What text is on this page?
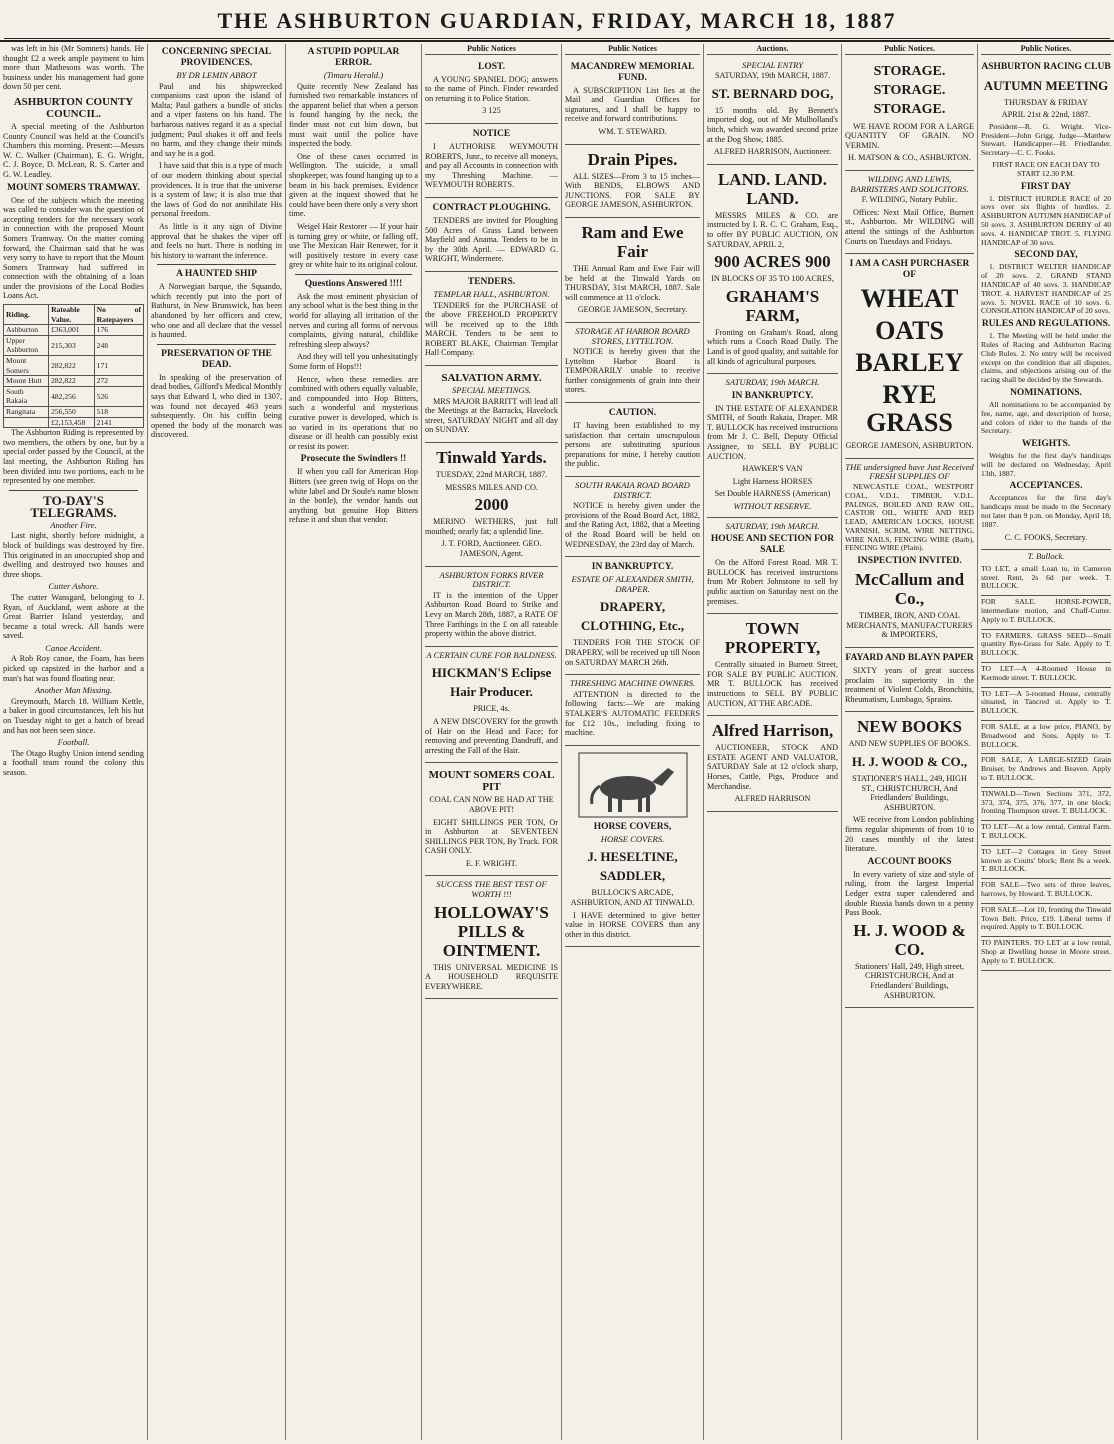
THE ASHBURTON GUARDIAN, FRIDAY, MARCH 18, 1887

was left in his (Mr Somners) hands. He thought £2 a week ample payment to him more than Mathesons was worth. The business under his management had gone down 50 per cent.

ASHBURTON COUNTY COUNCIL.

A special meeting of the Ashburton County Council was held at the Council's Chambers this morning. Present:—Messrs W. C. Walker (Chairman), E. G. Wright, C. J. Boyce, D. McLean, R. S. Carter and G. W. Leadley.

MOUNT SOMERS TRAMWAY.

One of the subjects which the meeting was called to consider was the question of accepting tenders for the necessary work in connection with the proposed Mount Somers Tramway. On the matter coming forward, the Chairman said that he was very sorry to have to report that the Mount Somers Tramway had suffered in connection with the obtaining of a loan under the provisions of the Local Bodies Loans Act.

Riding.	Rateable Value.	No of Ratepayers
Ashburton	£363,001	176
Upper Ashburton	215,303	248
Mount Somers	282,822	171
Mount Hutt	282,822	272
South Rakaia	482,256	526
Rangitata	256,550	518
	£2,153,458	2141

The Ashburton Riding is represented by two members, the others by one, but by a special order passed by the Council, at the last meeting, the Ashburton Riding has been divided into two portions, each to be represented by one member.

TO-DAY'S TELEGRAMS.
Another Fire.

Last night, shortly before midnight, a block of buildings was destroyed by fire. This originated in an unoccupied shop and dwelling and destroyed two houses and three shops.

Cutter Ashore.

The cutter Wansgard, belonging to J. Ryan, of Auckland, went ashore at the Great Barrier Island yesterday, and became a total wreck. All hands were saved.

Canoe Accident.

A Rob Roy canoe, the Foam, has been picked up capsized in the harbor and a man's hat was found floating near.

Another Man Missing.

Greymouth, March 18. William Kettle, a baker in good circumstances, left his hut on Tuesday night to get a batch of bread and has not been seen since.

Football.

The Otago Rugby Union intend sending a football team round the colony this season.

CONCERNING SPECIAL PROVIDENCES.
BY DR LEMIN ABBOT

Paul and his shipwrecked companions cast upon the island of Malta; Paul gathers a bundle of sticks and a viper fastens on his hand. The barbarous natives regard it as a special judgment; Paul shakes it off and feels no harm, and they change their minds and say he is a god.

I have said that this is a type of much of our modern thinking about special providences. It is true that the universe is a system of law; it is also true that the laws of God do not annihilate His personal freedom.

As little is it any sign of Divine approval that he shakes the viper off and feels no hurt. There is nothing in his history to warrant the inference.

A HAUNTED SHIP

A Norwegian barque, the Squando, which recently put into the port of Bathurst, in New Brunswick, has been abandoned by her officers and crew, who one and all declare that the vessel is haunted.

PRESERVATION OF THE DEAD.

In speaking of the preservation of dead bodies, Gilford's Medical Monthly says that Edward I, who died in 1307, was found not decayed 463 years subsequently. On his coffin being opened the body of the monarch was discovered.

A STUPID POPULAR ERROR.
(Timaru Herald.)

Quite recently New Zealand has furnished two remarkable instances of the apparent belief that when a person is found hanging by the neck, the finder must not cut him down, but must wait until the police have inspected the body.

One of these cases occurred in Wellington. The suicide, a small shopkeeper, was found hanging up to a beam in his back premises. Evidence given at the inquest showed that he could have been there only a very short time.

Weigel Hair Restorer — If your hair is turning grey or white, or falling off, use The Mexican Hair Renewer, for it will positively restore in every case grey or white hair to its original colour.

Questions Answered !!!!

Ask the most eminent physician of any school what is the best thing in the world for allaying all irritation of the nerves and curing all forms of nervous complaints, giving natural, childlike refreshing sleep always?

And they will tell you unhesitatingly Some form of Hops!!!

Hence, when these remedies are combined with others equally valuable, and compounded into Hop Bitters, such a wonderful and mysterious curative power is developed, which is so varied in its operations that no disease or ill health can possibly exist or resist its power.

Prosecute the Swindlers !!

If when you call for American Hop Bitters (see green twig of Hops on the white label and Dr Soule's name blown in the bottle), the vendor hands out anything but genuine Hop Bitters refuse it and shun that vendor.

Public Notices
LOST.

A YOUNG SPANIEL DOG; answers to the name of Pinch. Finder rewarded on returning it to Police Station.

3 125

NOTICE

I AUTHORISE WEYMOUTH ROBERTS, Junr., to receive all moneys, and pay all Accounts in connection with my Threshing Machine. — WEYMOUTH ROBERTS.

CONTRACT PLOUGHING.

TENDERS are invited for Ploughing 500 Acres of Grass Land between Mayfield and Anama. Tenders to be in by the 30th April. — EDWARD G. WRIGHT, Windermere.

TENDERS.
TEMPLAR HALL, ASHBURTON.

TENDERS for the PURCHASE of the above FREEHOLD PROPERTY will be received up to the 18th MARCH. Tenders to be sent to ROBERT BLAKE, Chairman Templar Hall Company.

SALVATION ARMY.
SPECIAL MEETINGS.

MRS MAJOR BARRITT will lead all the Meetings at the Barracks, Havelock street, SATURDAY NIGHT and all day on SUNDAY.

Tinwald Yards.

TUESDAY, 22nd MARCH, 1887.

MESSRS MILES AND CO.

2000

MERINO WETHERS, just full mouthed; nearly fat; a splendid line.

J. T. FORD, Auctioneer. GEO. JAMESON, Agent.

ASHBURTON FORKS RIVER DISTRICT.

IT is the intention of the Upper Ashburton Road Board to Strike and Levy on March 28th, 1887, a RATE OF Three Farthings in the £ on all rateable property within the above district.

A CERTAIN CURE FOR BALDNESS.
HICKMAN'S Eclipse Hair Producer.

PRICE, 4s.

A NEW DISCOVERY for the growth of Hair on the Head and Face; for removing and preventing Dandruff, and arresting the Fall of the Hair.

MOUNT SOMERS COAL PIT

COAL CAN NOW BE HAD AT THE ABOVE PIT!

EIGHT SHILLINGS PER TON, Or in Ashburton at SEVENTEEN SHILLINGS PER TON, By Truck. FOR CASH ONLY.

E. F. WRIGHT.

SUCCESS THE BEST TEST OF WORTH !!!
HOLLOWAY'S PILLS & OINTMENT.

THIS UNIVERSAL MEDICINE IS A HOUSEHOLD REQUISITE EVERYWHERE.

Public Notices
MACANDREW MEMORIAL FUND.

A SUBSCRIPTION List lies at the Mail and Guardian Offices for signatures, and I shall be happy to receive and forward contributions.

WM. T. STEWARD.

Drain Pipes.

ALL SIZES—From 3 to 15 inches—With BENDS, ELBOWS AND JUNCTIONS. FOR SALE BY GEORGE JAMESON, ASHBURTON.

Ram and Ewe Fair

THE Annual Ram and Ewe Fair will be held at the Tinwald Yards on THURSDAY, 31st MARCH, 1887. Sale will commence at 11 o'clock.

GEORGE JAMESON, Secretary.

STORAGE AT HARBOR BOARD STORES, LYTTELTON.

NOTICE is hereby given that the Lyttelton Harbor Board is TEMPORARILY unable to receive further consignments of grain into their stores.

CAUTION.

IT having been established to my satisfaction that certain unscrupulous persons are substituting spurious preparations for mine, I hereby caution the public.

SOUTH RAKAIA ROAD BOARD DISTRICT.

NOTICE is hereby given under the provisions of the Road Board Act, 1882, and the Rating Act, 1882, that a Meeting of the Road Board will be held on WEDNESDAY, the 23rd day of March.

IN BANKRUPTCY.
ESTATE OF ALEXANDER SMITH, DRAPER.
DRAPERY, CLOTHING, Etc.,

TENDERS FOR THE STOCK OF DRAPERY, will be received up till Noon on SATURDAY MARCH 26th.

THRESHING MACHINE OWNERS.

ATTENTION is directed to the following facts:—We are making STALKER'S AUTOMATIC FEEDERS for £12 10s., including fixing to machine.

HORSE COVERS,
HORSE COVERS.
J. HESELTINE, SADDLER,

BULLOCK'S ARCADE, ASHBURTON, AND AT TINWALD.

I HAVE determined to give better value in HORSE COVERS than any other in this district.

Auctions.
SPECIAL ENTRY

SATURDAY, 19th MARCH, 1887.

ST. BERNARD DOG,

15 months old. By Bennett's imported dog, out of Mr Mulholland's bitch, which was awarded second prize at the Dog Show, 1885.

ALFRED HARRISON, Auctioneer.

LAND. LAND. LAND.

MESSRS MILES & CO. are instructed by I. R. C. C. Graham, Esq., to offer BY PUBLIC AUCTION, ON SATURDAY, APRIL 2,

900 ACRES 900

IN BLOCKS OF 35 TO 100 ACRES,

GRAHAM'S FARM,

Fronting on Graham's Road, along which runs a Coach Road Daily. The Land is of good quality, and suitable for all kinds of agricultural purposes.

SATURDAY, 19th MARCH.
IN BANKRUPTCY.

IN THE ESTATE OF ALEXANDER SMITH, of South Rakaia, Draper. MR T. BULLOCK has received instructions from Mr J. C. Bell, Deputy Official Assignee, to SELL BY PUBLIC AUCTION.

HAWKER'S VAN

Light Harness HORSES

Set Double HARNESS (American)

WITHOUT RESERVE.
SATURDAY, 19th MARCH.
HOUSE AND SECTION FOR SALE

On the Alford Forest Road. MR T. BULLOCK has received instructions from Mr Robert Johnstone to sell by public auction on Saturday next on the premises.

TOWN PROPERTY,

Centrally situated in Burnett Street, FOR SALE BY PUBLIC AUCTION. MR T. BULLOCK has received instructions to SELL BY PUBLIC AUCTION, AT THE ARCADE.

Alfred Harrison,

AUCTIONEER, STOCK AND ESTATE AGENT AND VALUATOR, SATURDAY Sale at 12 o'clock sharp, Horses, Cattle, Pigs, Produce and Merchandise.

ALFRED HARRISON

Public Notices.
STORAGE. STORAGE. STORAGE.

WE HAVE ROOM FOR A LARGE QUANTITY OF GRAIN. NO VERMIN.

H. MATSON & CO., ASHBURTON.

WILDING AND LEWIS, BARRISTERS AND SOLICITORS.

F. WILDING, Notary Public.

Offices: Next Mail Office, Burnett st., Ashburton. Mr WILDING will attend the sittings of the Ashburton Courts on Tuesdays and Fridays.

I AM A CASH PURCHASER OF
WHEAT
OATS
BARLEY
RYE GRASS

GEORGE JAMESON, ASHBURTON.

THE undersigned have Just Received FRESH SUPPLIES OF

NEWCASTLE COAL, WESTPORT COAL, V.D.L. TIMBER, V.D.L. PALINGS, BOILED AND RAW OIL, CASTOR OIL, WHITE AND RED LEAD, AMERICAN LOCKS, HOUSE VARNISH, SCRIM, WIRE NETTING, WIRE NAILS, FENCING WIRE (Barb), FENCING WIRE (Plain).

INSPECTION INVITED.
McCallum and Co.,

TIMBER, IRON, AND COAL MERCHANTS, MANUFACTURERS & IMPORTERS,

FAYARD AND BLAYN PAPER

SIXTY years of great success proclaim its superiority in the treatment of Violent Colds, Bronchitis, Rheumatism, Lumbago, Sprains.

NEW BOOKS

AND NEW SUPPLIES OF BOOKS.

H. J. WOOD & CO.,

STATIONER'S HALL, 249, HIGH ST., CHRISTCHURCH, And Friedlanders' Buildings, ASHBURTON.

WE receive from London publishing firms regular shipments of from 10 to 20 cases monthly of the latest literature.

ACCOUNT BOOKS

In every variety of size and style of ruling, from the largest Imperial Ledger extra super calendered and double Russia bands down to a penny Pass Book.

H. J. WOOD & CO.

Stationers' Hall, 249, High street, CHRISTCHURCH, And at Friedlanders' Buildings, ASHBURTON.

Public Notices.
ASHBURTON RACING CLUB
AUTUMN MEETING

THURSDAY & FRIDAY

APRIL 21st & 22nd, 1887.

President—R. G. Wright. Vice-President—John Grigg. Judge—Matthew Stewart. Handicapper—H. Friedlander. Secretary—C. C. Fooks.

FIRST RACE ON EACH DAY TO START 12.30 P.M.

FIRST DAY

1. DISTRICT HURDLE RACE of 20 sovs over six flights of hurdles. 2. ASHBURTON AUTUMN HANDICAP of 50 sovs. 3. ASHBURTON DERBY of 40 sovs. 4. HANDICAP TROT. 5. FLYING HANDICAP of 30 sovs.

SECOND DAY,

1. DISTRICT WELTER HANDICAP of 20 sovs. 2. GRAND STAND HANDICAP of 40 sovs. 3. HANDICAP TROT. 4. HARVEST HANDICAP of 25 sovs. 5. NOVEL RACE of 10 sovs. 6. CONSOLATION HANDICAP of 20 sovs.

RULES AND REGULATIONS.

1. The Meeting will be held under the Rules of Racing and Ashburton Racing Club Rules. 2. No entry will be received except on the condition that all disputes, claims, and objections arising out of the racing shall be decided by the Stewards.

NOMINATIONS.

All nominations to be accompanied by fee, name, age, and description of horse, and colors of rider to the hands of the Secretary.

WEIGHTS.

Weights for the first day's handicaps will be declared on Wednesday, April 13th, 1887.

ACCEPTANCES.

Acceptances for the first day's handicaps must be made to the Secretary not later than 9 p.m. on Monday, April 18, 1887.

C. C. FOOKS, Secretary.

T. Bullock.
TO LET, a small Loan to, in Cameron street. Rent, 2s 6d per week. T. BULLOCK.
FOR SALE. HORSE-POWER, intermediate motion, and Chaff-Cutter. Apply to T. BULLOCK.
TO FARMERS. GRASS SEED—Small quantity Rye-Grass for Sale. Apply to T. BULLOCK.
TO LET—A 4-Roomed House in Kermode street. T. BULLOCK.
TO LET—A 5-roomed House, centrally situated, in Tancred st. Apply to T. BULLOCK.
FOR SALE, at a low price, PIANO, by Broadwood and Sons. Apply to T. BULLOCK.
FOR SALE, A LARGE-SIZED Grain Bruiser, by Andrews and Beaven. Apply to T. BULLOCK.
TINWALD—Town Sections 371, 372, 373, 374, 375, 376, 377, in one block; fronting Thompson street. T. BULLOCK.
TO LET—At a low rental, Central Farm. T. BULLOCK.
TO LET—2 Cottages in Grey Street known as Coutts' block; Rent 8s a week. T. BULLOCK.
FOR SALE—Two sets of three leaves, harrows, by Howard. T. BULLOCK.
FOR SALE—Lot 10, fronting the Tinwald Town Belt. Price, £19. Liberal terms if required. Apply to T. BULLOCK.
TO PAINTERS. TO LET at a low rental, Shop at Dwelling house in Moore street. Apply to T. BULLOCK.
